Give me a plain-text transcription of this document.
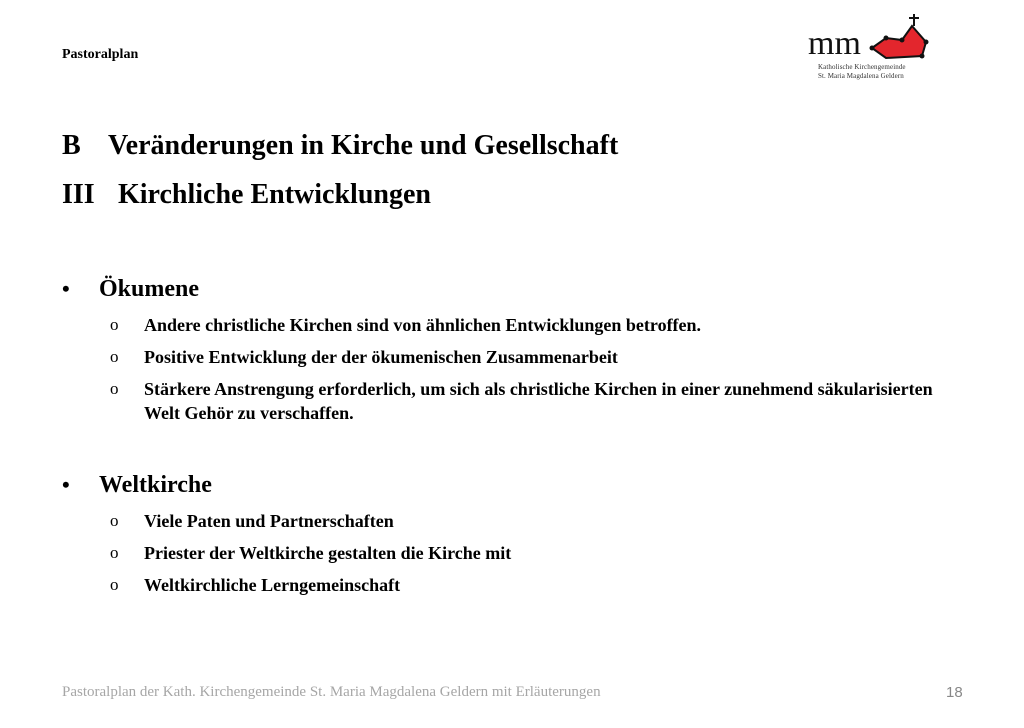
Pastoralplan	mm
Katholische Kirchengemeinde
St. Maria Magdalena Geldern
B Veränderungen in Kirche und Gesellschaft
III Kirchliche Entwicklungen
•	Ökumene
o	Andere christliche Kirchen sind von ähnlichen Entwicklungen betroffen.
o	Positive Entwicklung der der ökumenischen Zusammenarbeit
o	Stärkere Anstrengung erforderlich, um sich als christliche Kirchen in einer zunehmend säkularisierten Welt Gehör zu verschaffen.
•	Weltkirche
o	Viele Paten und Partnerschaften
o	Priester der Weltkirche gestalten die Kirche mit
o	Weltkirchliche Lerngemeinschaft
Pastoralplan der Kath. Kirchengemeinde St. Maria Magdalena Geldern mit Erläuterungen	18
